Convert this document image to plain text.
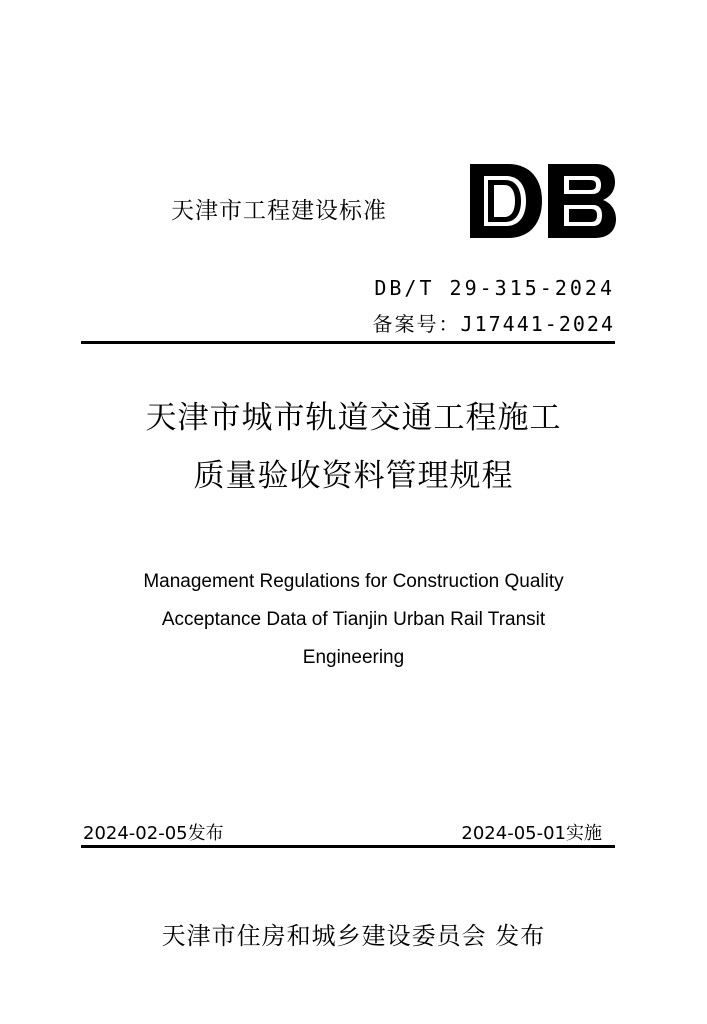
天津市工程建设标准
DB/T 29-315-2024
备案号：J17441-2024
天津市城市轨道交通工程施工
质量验收资料管理规程
Management Regulations for Construction Quality
Acceptance Data of Tianjin Urban Rail Transit
Engineering
2024-02-05发布	2024-05-01实施
天津市住房和城乡建设委员会 发布
